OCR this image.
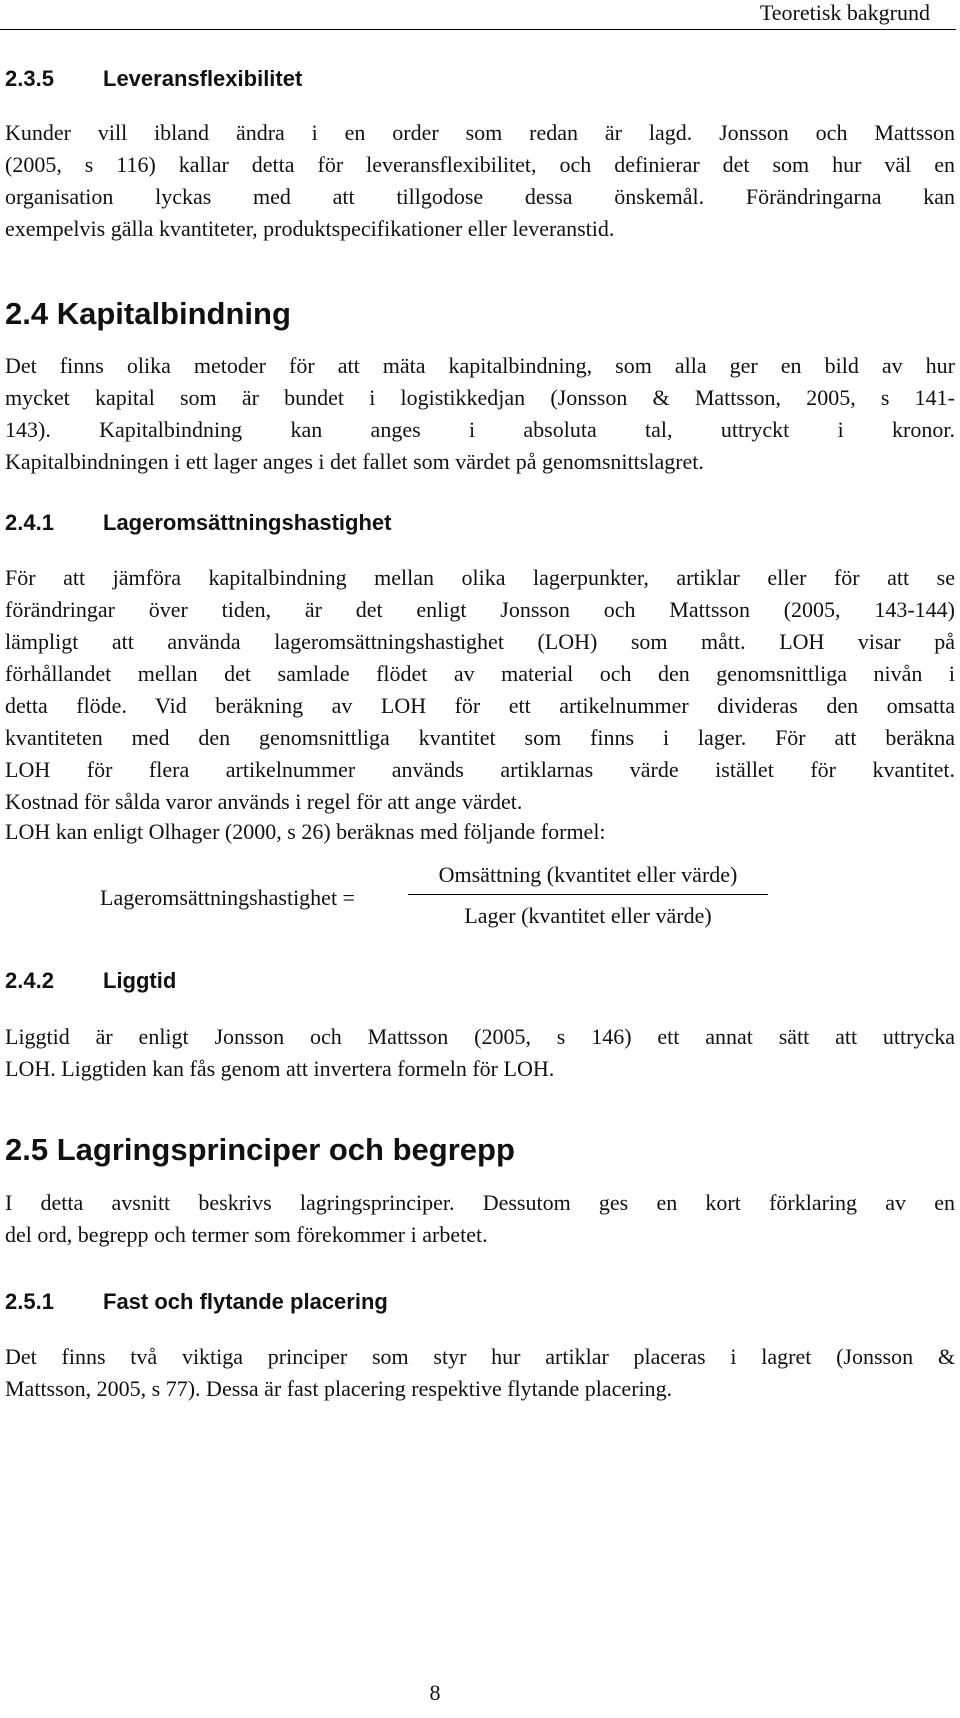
Teoretisk bakgrund
2.3.5 Leveransflexibilitet
Kunder vill ibland ändra i en order som redan är lagd. Jonsson och Mattsson
(2005, s 116) kallar detta för leveransflexibilitet, och definierar det som hur väl en
organisation lyckas med att tillgodose dessa önskemål. Förändringarna kan
exempelvis gälla kvantiteter, produktspecifikationer eller leveranstid.
2.4 Kapitalbindning
Det finns olika metoder för att mäta kapitalbindning, som alla ger en bild av hur
mycket kapital som är bundet i logistikkedjan (Jonsson & Mattsson, 2005, s 141-
143). Kapitalbindning kan anges i absoluta tal, uttryckt i kronor.
Kapitalbindningen i ett lager anges i det fallet som värdet på genomsnittslagret.
2.4.1 Lageromsättningshastighet
För att jämföra kapitalbindning mellan olika lagerpunkter, artiklar eller för att se
förändringar över tiden, är det enligt Jonsson och Mattsson (2005, 143-144)
lämpligt att använda lageromsättningshastighet (LOH) som mått. LOH visar på
förhållandet mellan det samlade flödet av material och den genomsnittliga nivån i
detta flöde. Vid beräkning av LOH för ett artikelnummer divideras den omsatta
kvantiteten med den genomsnittliga kvantitet som finns i lager. För att beräkna
LOH för flera artikelnummer används artiklarnas värde istället för kvantitet.
Kostnad för sålda varor används i regel för att ange värdet.
LOH kan enligt Olhager (2000, s 26) beräknas med följande formel:
Lageromsättningshastighet =
Omsättning (kvantitet eller värde)
Lager (kvantitet eller värde)
2.4.2 Liggtid
Liggtid är enligt Jonsson och Mattsson (2005, s 146) ett annat sätt att uttrycka
LOH. Liggtiden kan fås genom att invertera formeln för LOH.
2.5 Lagringsprinciper och begrepp
I detta avsnitt beskrivs lagringsprinciper. Dessutom ges en kort förklaring av en
del ord, begrepp och termer som förekommer i arbetet.
2.5.1 Fast och flytande placering
Det finns två viktiga principer som styr hur artiklar placeras i lagret (Jonsson &
Mattsson, 2005, s 77). Dessa är fast placering respektive flytande placering.
8
